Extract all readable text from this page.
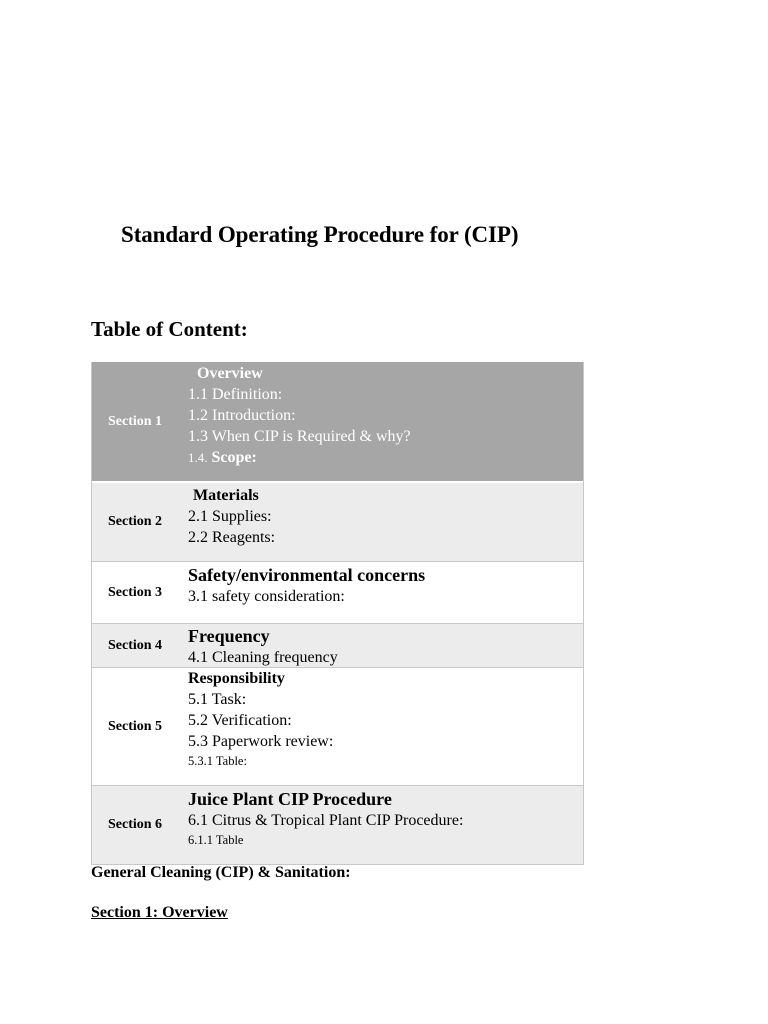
Standard Operating Procedure for (CIP)
Table of Content:
Section 1
Overview
1.1 Definition:
1.2 Introduction:
1.3 When CIP is Required & why?
1.4. Scope:
Section 2
Materials
2.1 Supplies:
2.2 Reagents:
Section 3
Safety/environmental concerns
3.1 safety consideration:
Section 4 Frequency
4.1 Cleaning frequency
Section 5
Responsibility
5.1 Task:
5.2 Verification:
5.3 Paperwork review:
5.3.1 Table:
Section 6
Juice Plant CIP Procedure
6.1 Citrus & Tropical Plant CIP Procedure:
6.1.1 Table
General Cleaning (CIP) & Sanitation:
Section 1: Overview
